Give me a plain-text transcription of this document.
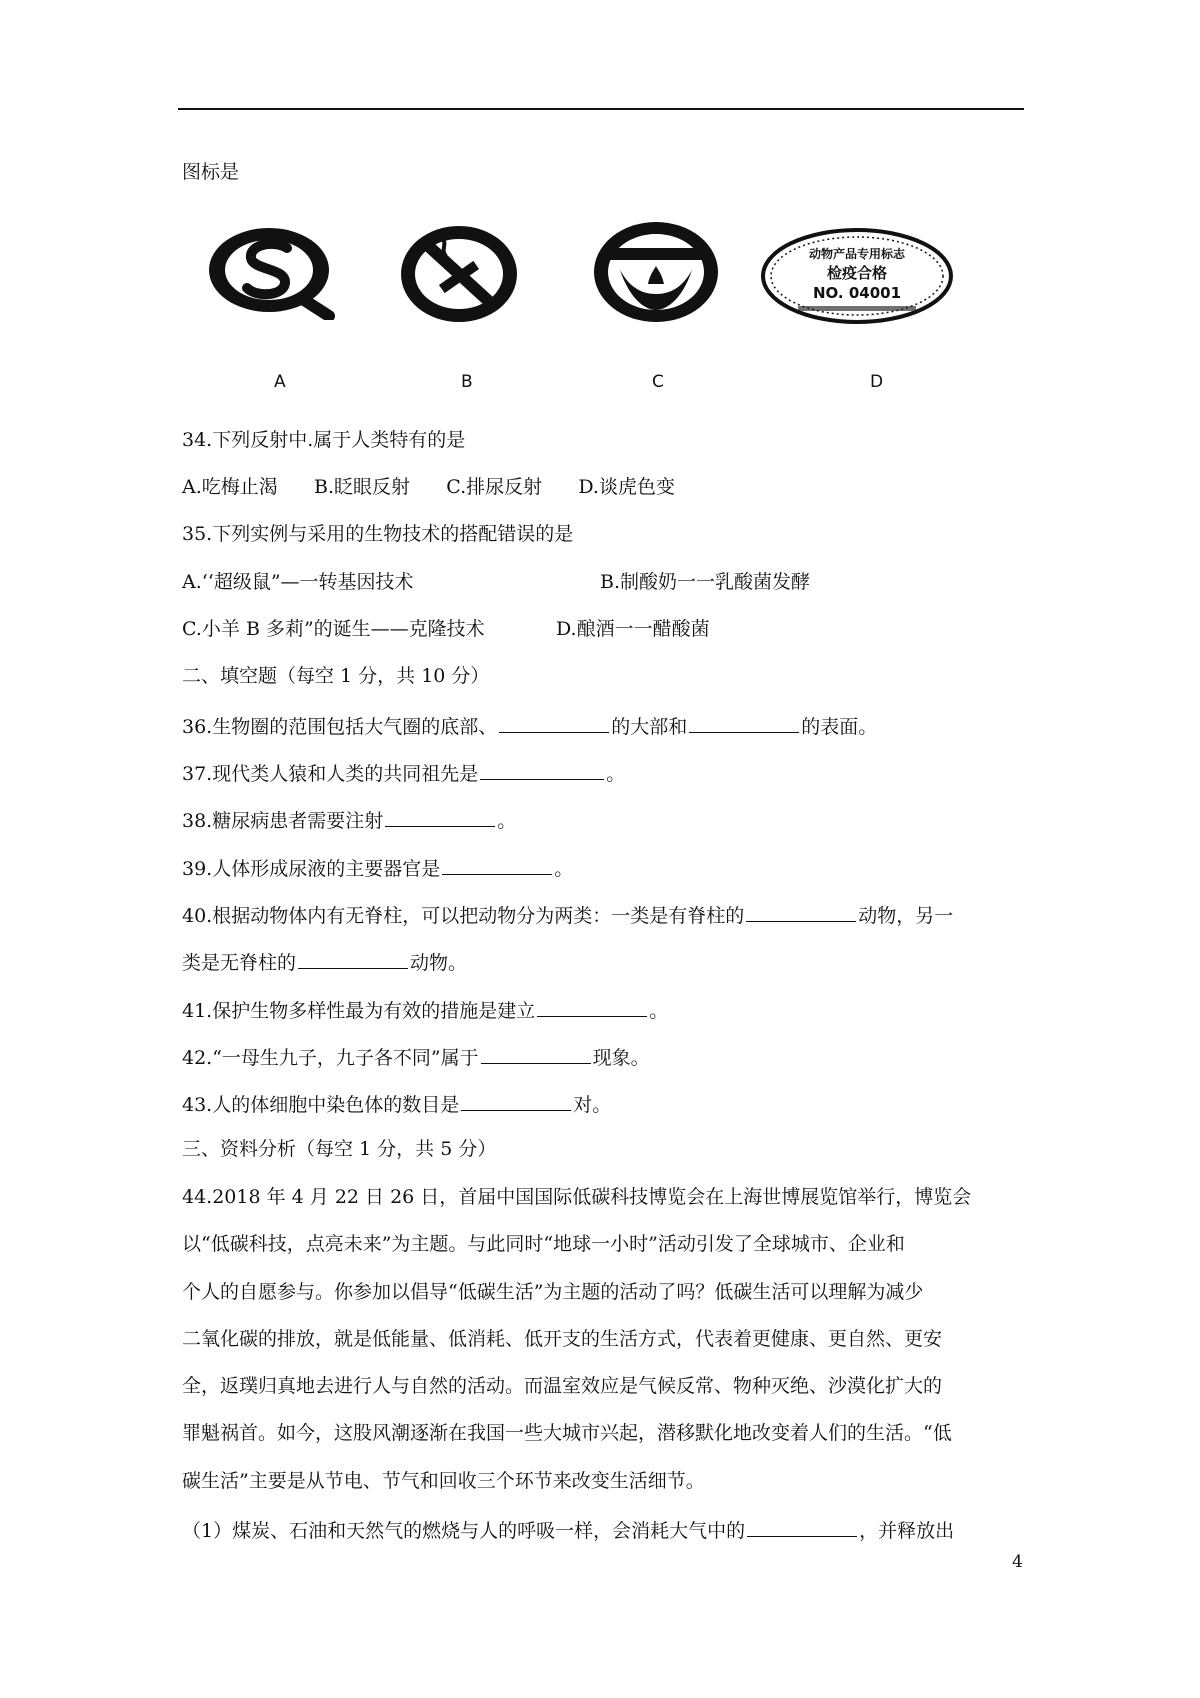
图标是
动物产品专用标志
检疫合格
NO. 04001
A	B	C	D
34.下列反射中.属于人类特有的是
A.吃梅止渴      B.眨眼反射      C.排尿反射      D.谈虎色变
35.下列实例与采用的生物技术的搭配错误的是
A.‘‘超级鼠”—一转基因技术	B.制酸奶一一乳酸菌发酵
C.小羊 B 多莉”的诞生——克隆技术	D.酿酒一一醋酸菌
二、填空题（每空 1 分，共 10 分）
36.生物圈的范围包括大气圈的底部、	的大部和	的表面。
37.现代类人猿和人类的共同祖先是	。
38.糖尿病患者需要注射	。
39.人体形成尿液的主要器官是	。
40.根据动物体内有无脊柱，可以把动物分为两类：一类是有脊柱的	动物，另一
类是无脊柱的	动物。
41.保护生物多样性最为有效的措施是建立	。
42.“一母生九子，九子各不同”属于	现象。
43.人的体细胞中染色体的数目是	对。
三、资料分析（每空 1 分，共 5 分）
44.2018 年 4 月 22 日 26 日，首届中国国际低碳科技博览会在上海世博展览馆举行，博览会
以“低碳科技，点亮未来”为主题。与此同时“地球一小时”活动引发了全球城市、企业和
个人的自愿参与。你参加以倡导“低碳生活”为主题的活动了吗？低碳生活可以理解为减少
二氧化碳的排放，就是低能量、低消耗、低开支的生活方式，代表着更健康、更自然、更安
全，返璞归真地去进行人与自然的活动。而温室效应是气候反常、物种灭绝、沙漠化扩大的
罪魁祸首。如今，这股风潮逐渐在我国一些大城市兴起，潜移默化地改变着人们的生活。“低
碳生活”主要是从节电、节气和回收三个环节来改变生活细节。
（1）煤炭、石油和天然气的燃烧与人的呼吸一样，会消耗大气中的	，并释放出
4
